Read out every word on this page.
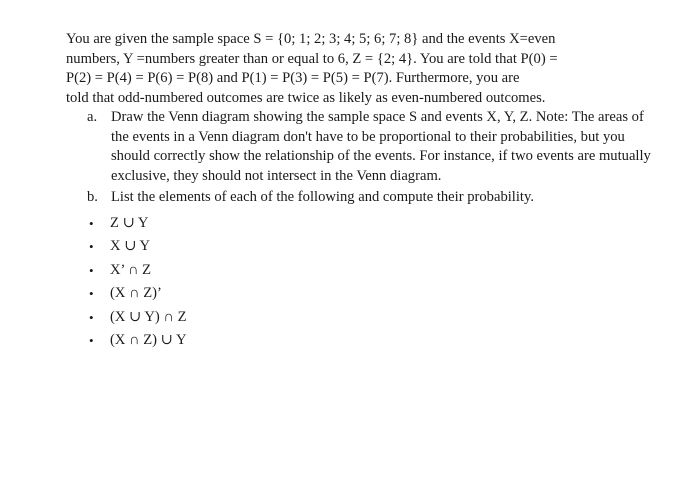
You are given the sample space S = {0; 1; 2; 3; 4; 5; 6; 7; 8} and the events X=even
numbers, Y =numbers greater than or equal to 6, Z = {2; 4}. You are told that P(0) =
P(2) = P(4) = P(6) = P(8) and P(1) = P(3) = P(5) = P(7). Furthermore, you are
told that odd-numbered outcomes are twice as likely as even-numbered outcomes.
a. Draw the Venn diagram showing the sample space S and events X, Y, Z. Note: The areas of the events in a Venn diagram don't have to be proportional to their probabilities, but you should correctly show the relationship of the events. For instance, if two events are mutually exclusive, they should not intersect in the Venn diagram.
b. List the elements of each of the following and compute their probability.
• Z ∪ Y
• X ∪ Y
• X’ ∩ Z
• (X ∩ Z)’
• (X ∪ Y) ∩ Z
• (X ∩ Z) ∪ Y
